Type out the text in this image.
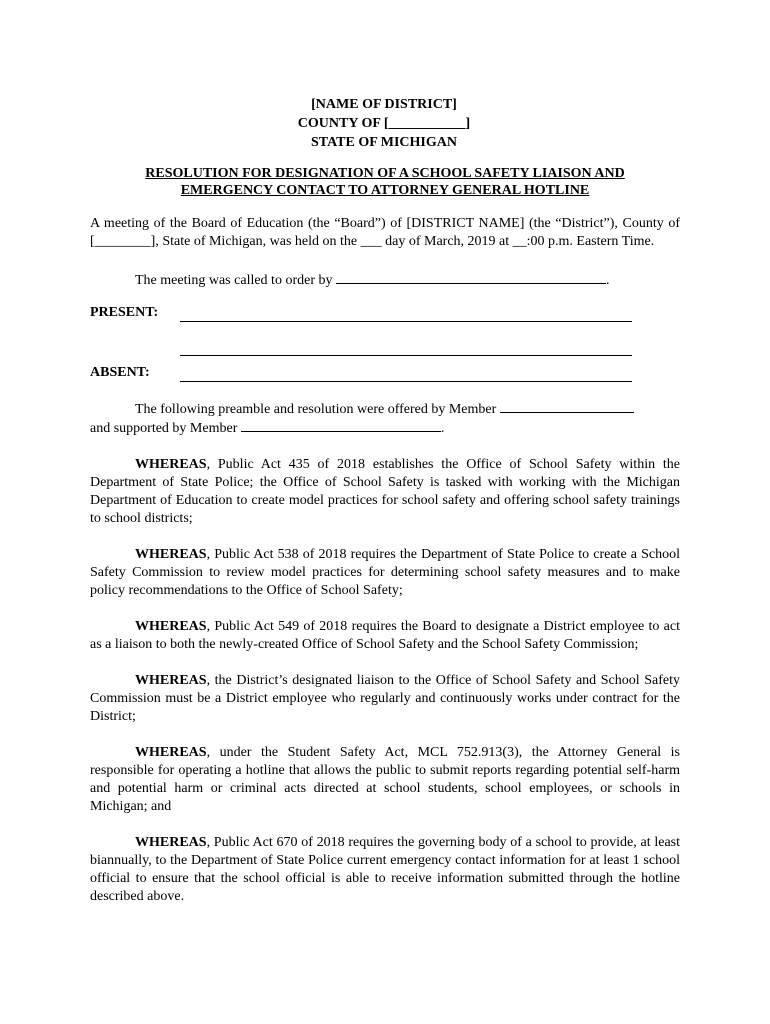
[NAME OF DISTRICT]
COUNTY OF [___________]
STATE OF MICHIGAN
RESOLUTION FOR DESIGNATION OF A SCHOOL SAFETY LIAISON AND
EMERGENCY CONTACT TO ATTORNEY GENERAL HOTLINE

A meeting of the Board of Education (the “Board”) of [DISTRICT NAME] (the “District”), County of [________], State of Michigan, was held on the ___ day of March, 2019 at __:00 p.m. Eastern Time.

The meeting was called to order by	.

PRESENT:
ABSENT:

The following preamble and resolution were offered by Member
and supported by Member	.

WHEREAS, Public Act 435 of 2018 establishes the Office of School Safety within the Department of State Police; the Office of School Safety is tasked with working with the Michigan Department of Education to create model practices for school safety and offering school safety trainings to school districts;

WHEREAS, Public Act 538 of 2018 requires the Department of State Police to create a School Safety Commission to review model practices for determining school safety measures and to make policy recommendations to the Office of School Safety;

WHEREAS, Public Act 549 of 2018 requires the Board to designate a District employee to act as a liaison to both the newly-created Office of School Safety and the School Safety Commission;

WHEREAS, the District’s designated liaison to the Office of School Safety and School Safety Commission must be a District employee who regularly and continuously works under contract for the District;

WHEREAS, under the Student Safety Act, MCL 752.913(3), the Attorney General is responsible for operating a hotline that allows the public to submit reports regarding potential self-harm and potential harm or criminal acts directed at school students, school employees, or schools in Michigan; and

WHEREAS, Public Act 670 of 2018 requires the governing body of a school to provide, at least biannually, to the Department of State Police current emergency contact information for at least 1 school official to ensure that the school official is able to receive information submitted through the hotline described above.
